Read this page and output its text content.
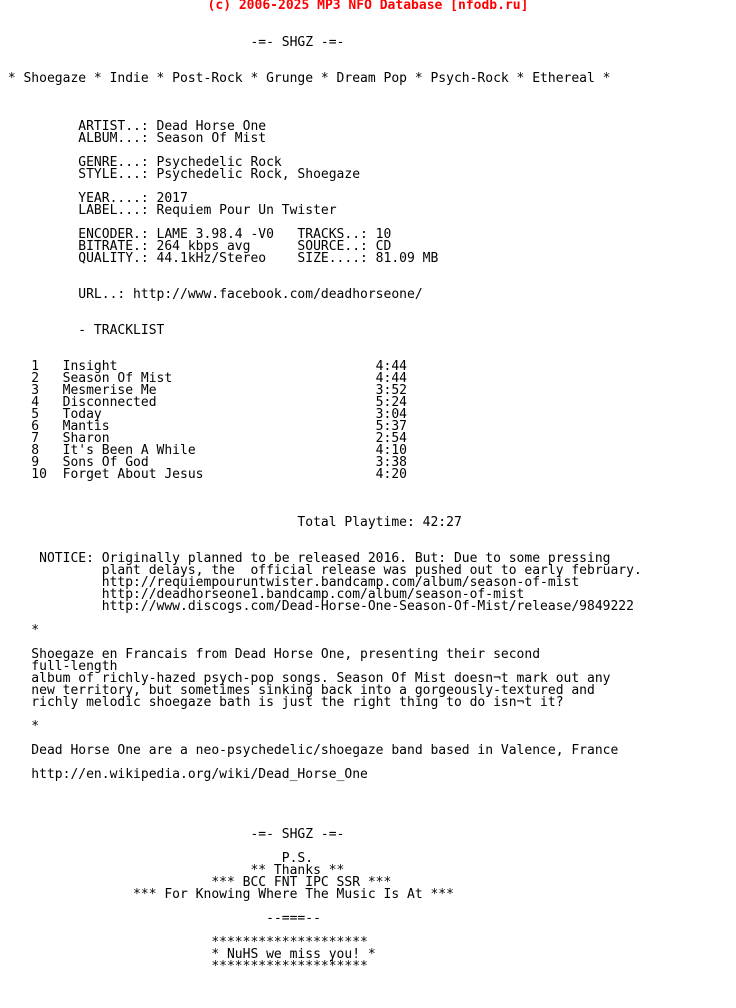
(c) 2006-2025 MP3 NFO Database [nfodb.ru]
-=- SHGZ -=-
* Shoegaze * Indie * Post-Rock * Grunge * Dream Pop * Psych-Rock * Ethereal *
ARTIST..: Dead Horse One
ALBUM...: Season Of Mist
GENRE...: Psychedelic Rock
STYLE...: Psychedelic Rock, Shoegaze
YEAR....: 2017
LABEL...: Requiem Pour Un Twister
ENCODER.: LAME 3.98.4 -V0   TRACKS..: 10
BITRATE.: 264 kbps avg      SOURCE..: CD
QUALITY.: 44.1kHz/Stereo    SIZE....: 81.09 MB
URL..: http://www.facebook.com/deadhorseone/
- TRACKLIST
1   Insight                                 4:44
2   Season Of Mist                          4:44
3   Mesmerise Me                            3:52
4   Disconnected                            5:24
5   Today                                   3:04
6   Mantis                                  5:37
7   Sharon                                  2:54
8   It's Been A While                       4:10
9   Sons Of God                             3:38
10  Forget About Jesus                      4:20
Total Playtime: 42:27
NOTICE: Originally planned to be released 2016. But: Due to some pressing
plant delays, the  official release was pushed out to early february.
http://requiempouruntwister.bandcamp.com/album/season-of-mist
http://deadhorseone1.bandcamp.com/album/season-of-mist
http://www.discogs.com/Dead-Horse-One-Season-Of-Mist/release/9849222
*
Shoegaze en Francais from Dead Horse One, presenting their second
full-length
album of richly-hazed psych-pop songs. Season Of Mist doesn¬t mark out any
new territory, but sometimes sinking back into a gorgeously-textured and
richly melodic shoegaze bath is just the right thing to do isn¬t it?
*
Dead Horse One are a neo-psychedelic/shoegaze band based in Valence, France
http://en.wikipedia.org/wiki/Dead_Horse_One
-=- SHGZ -=-
P.S.
** Thanks **
*** BCC FNT IPC SSR ***
*** For Knowing Where The Music Is At ***
--===--
********************
* NuHS we miss you! *
********************
